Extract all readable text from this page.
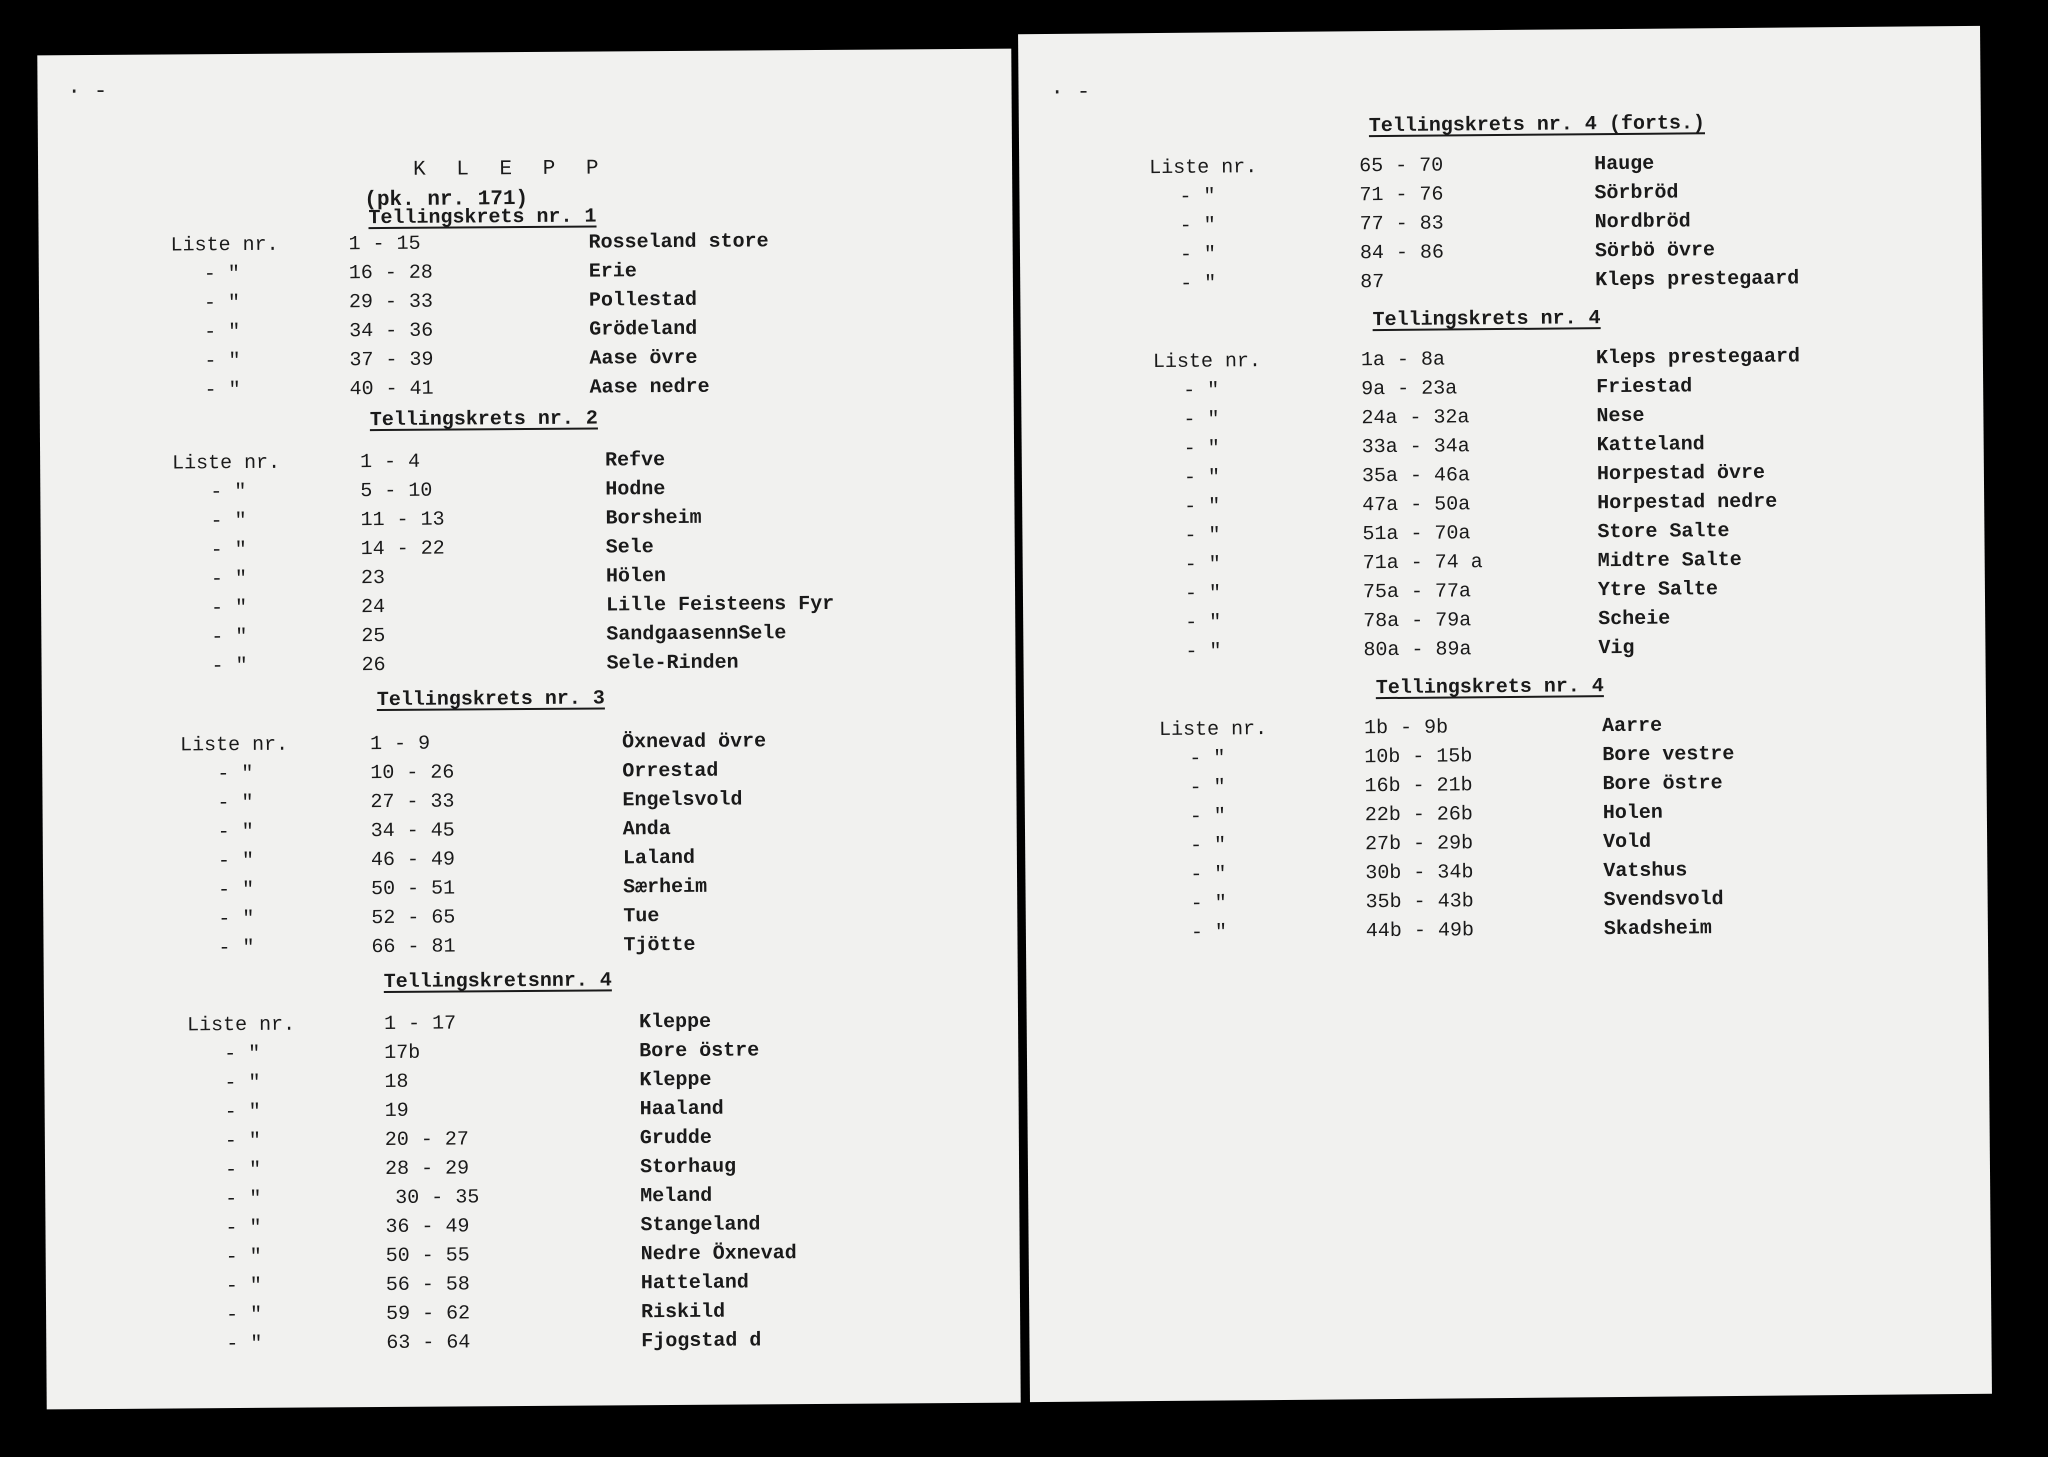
· -
K L E P P
(pk. nr. 171)
Tellingskrets nr. 1
Liste nr.	1 - 15	Rosseland store
- "	16 - 28	Erie
- "	29 - 33	Pollestad
- "	34 - 36	Grödeland
- "	37 - 39	Aase övre
- "	40 - 41	Aase nedre
Tellingskrets nr. 2
Liste nr.	1 - 4	Refve
- "	5 - 10	Hodne
- "	11 - 13	Borsheim
- "	14 - 22	Sele
- "	23	Hölen
- "	24	Lille Feisteens Fyr
- "	25	SandgaasennSele
- "	26	Sele-Rinden
Tellingskrets nr. 3
Liste nr.	1 - 9	Öxnevad övre
- "	10 - 26	Orrestad
- "	27 - 33	Engelsvold
- "	34 - 45	Anda
- "	46 - 49	Laland
- "	50 - 51	Særheim
- "	52 - 65	Tue
- "	66 - 81	Tjötte
Tellingskretsnnr. 4
Liste nr.	1 - 17	Kleppe
- "	17b	Bore östre
- "	18	Kleppe
- "	19	Haaland
- "	20 - 27	Grudde
- "	28 - 29	Storhaug
- "	30 - 35	Meland
- "	36 - 49	Stangeland
- "	50 - 55	Nedre Öxnevad
- "	56 - 58	Hatteland
- "	59 - 62	Riskild
- "	63 - 64	Fjogstad d
· -
Tellingskrets nr. 4 (forts.)
Liste nr.	65 - 70	Hauge
- "	71 - 76	Sörbröd
- "	77 - 83	Nordbröd
- "	84 - 86	Sörbö övre
- "	87	Kleps prestegaard
Tellingskrets nr. 4
Liste nr.	1a - 8a	Kleps prestegaard
- "	9a - 23a	Friestad
- "	24a - 32a	Nese
- "	33a - 34a	Katteland
- "	35a - 46a	Horpestad övre
- "	47a - 50a	Horpestad nedre
- "	51a - 70a	Store Salte
- "	71a - 74 a	Midtre Salte
- "	75a - 77a	Ytre Salte
- "	78a - 79a	Scheie
- "	80a - 89a	Vig
Tellingskrets nr. 4
Liste nr.	1b - 9b	Aarre
- "	10b - 15b	Bore vestre
- "	16b - 21b	Bore östre
- "	22b - 26b	Holen
- "	27b - 29b	Vold
- "	30b - 34b	Vatshus
- "	35b - 43b	Svendsvold
- "	44b - 49b	Skadsheim
